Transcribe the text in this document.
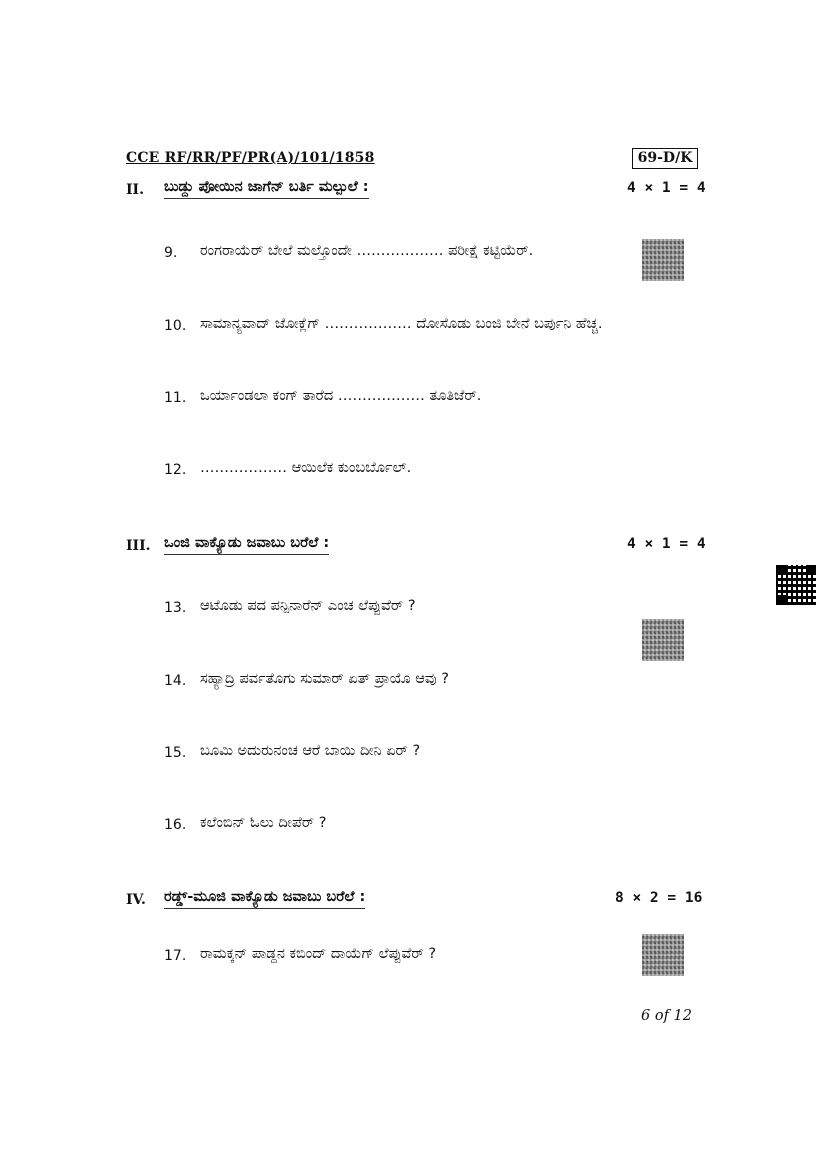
CCE RF/RR/PF/PR(A)/101/1858	69-D/K
II. ಬುಡ್ದು ಪೋಯಿನ ಜಾಗೆನ್ ಬರ್ತಿ ಮಲ್ಪುಲೆ :	4 × 1 = 4
9. ರಂಗರಾಯೆರ್ ಬೇಲೆ ಮಲ್ತೊಂದೇ ……………… ಪರೀಕ್ಷೆ ಕಟ್ಟಿಯೆರ್.
10. ಸಾಮಾನ್ಯವಾದ್ ಜೋಕ್ಲೆಗ್ ……………… ದೋಸೊಡು ಬಂಜಿ ಬೇನೆ ಬರ್ಪುನಿ ಹೆಚ್ಚ.
11. ಒರ್ಯಾಂಡಲಾ ಕಂಗ್ ತಾರೆದ ……………… ತೂತಿಜೆರ್.
12. ……………… ಆಯಿಲೆಕ ಕುಂಬರ್ಬೊಲ್.
III. ಒಂಜಿ ವಾಕ್ಯೊಡು ಜವಾಬು ಬರೆಲೆ :	4 × 1 = 4
13. ಆಟೊಡು ಪದ ಪನ್ಪಿನಾರೆನ್ ಎಂಚ ಲೆಪ್ಪುವೆರ್ ?
14. ಸಹ್ಯಾದ್ರಿ ಪರ್ವತೊಗು ಸುಮಾರ್ ಏತ್ ಪ್ರಾಯೊ ಆವು ?
15. ಬೂಮಿ ಅದುರುನಂಚ ಆರೆ ಬಾಯಿ ದೀನಿ ಏರ್ ?
16. ಕಲೆಂಬಿನ್ ಓಲು ದೀಪೆರ್ ?
IV. ರಡ್ಡ್-ಮೂಜಿ ವಾಕ್ಯೊಡು ಜವಾಬು ಬರೆಲೆ :	8 × 2 = 16
17. ರಾಮಕ್ಕನ್ ಪಾಡ್ದನ ಕಬಿಂದ್ ದಾಯೆಗ್ ಲೆಪ್ಪುವೆರ್ ?
6 of 12
